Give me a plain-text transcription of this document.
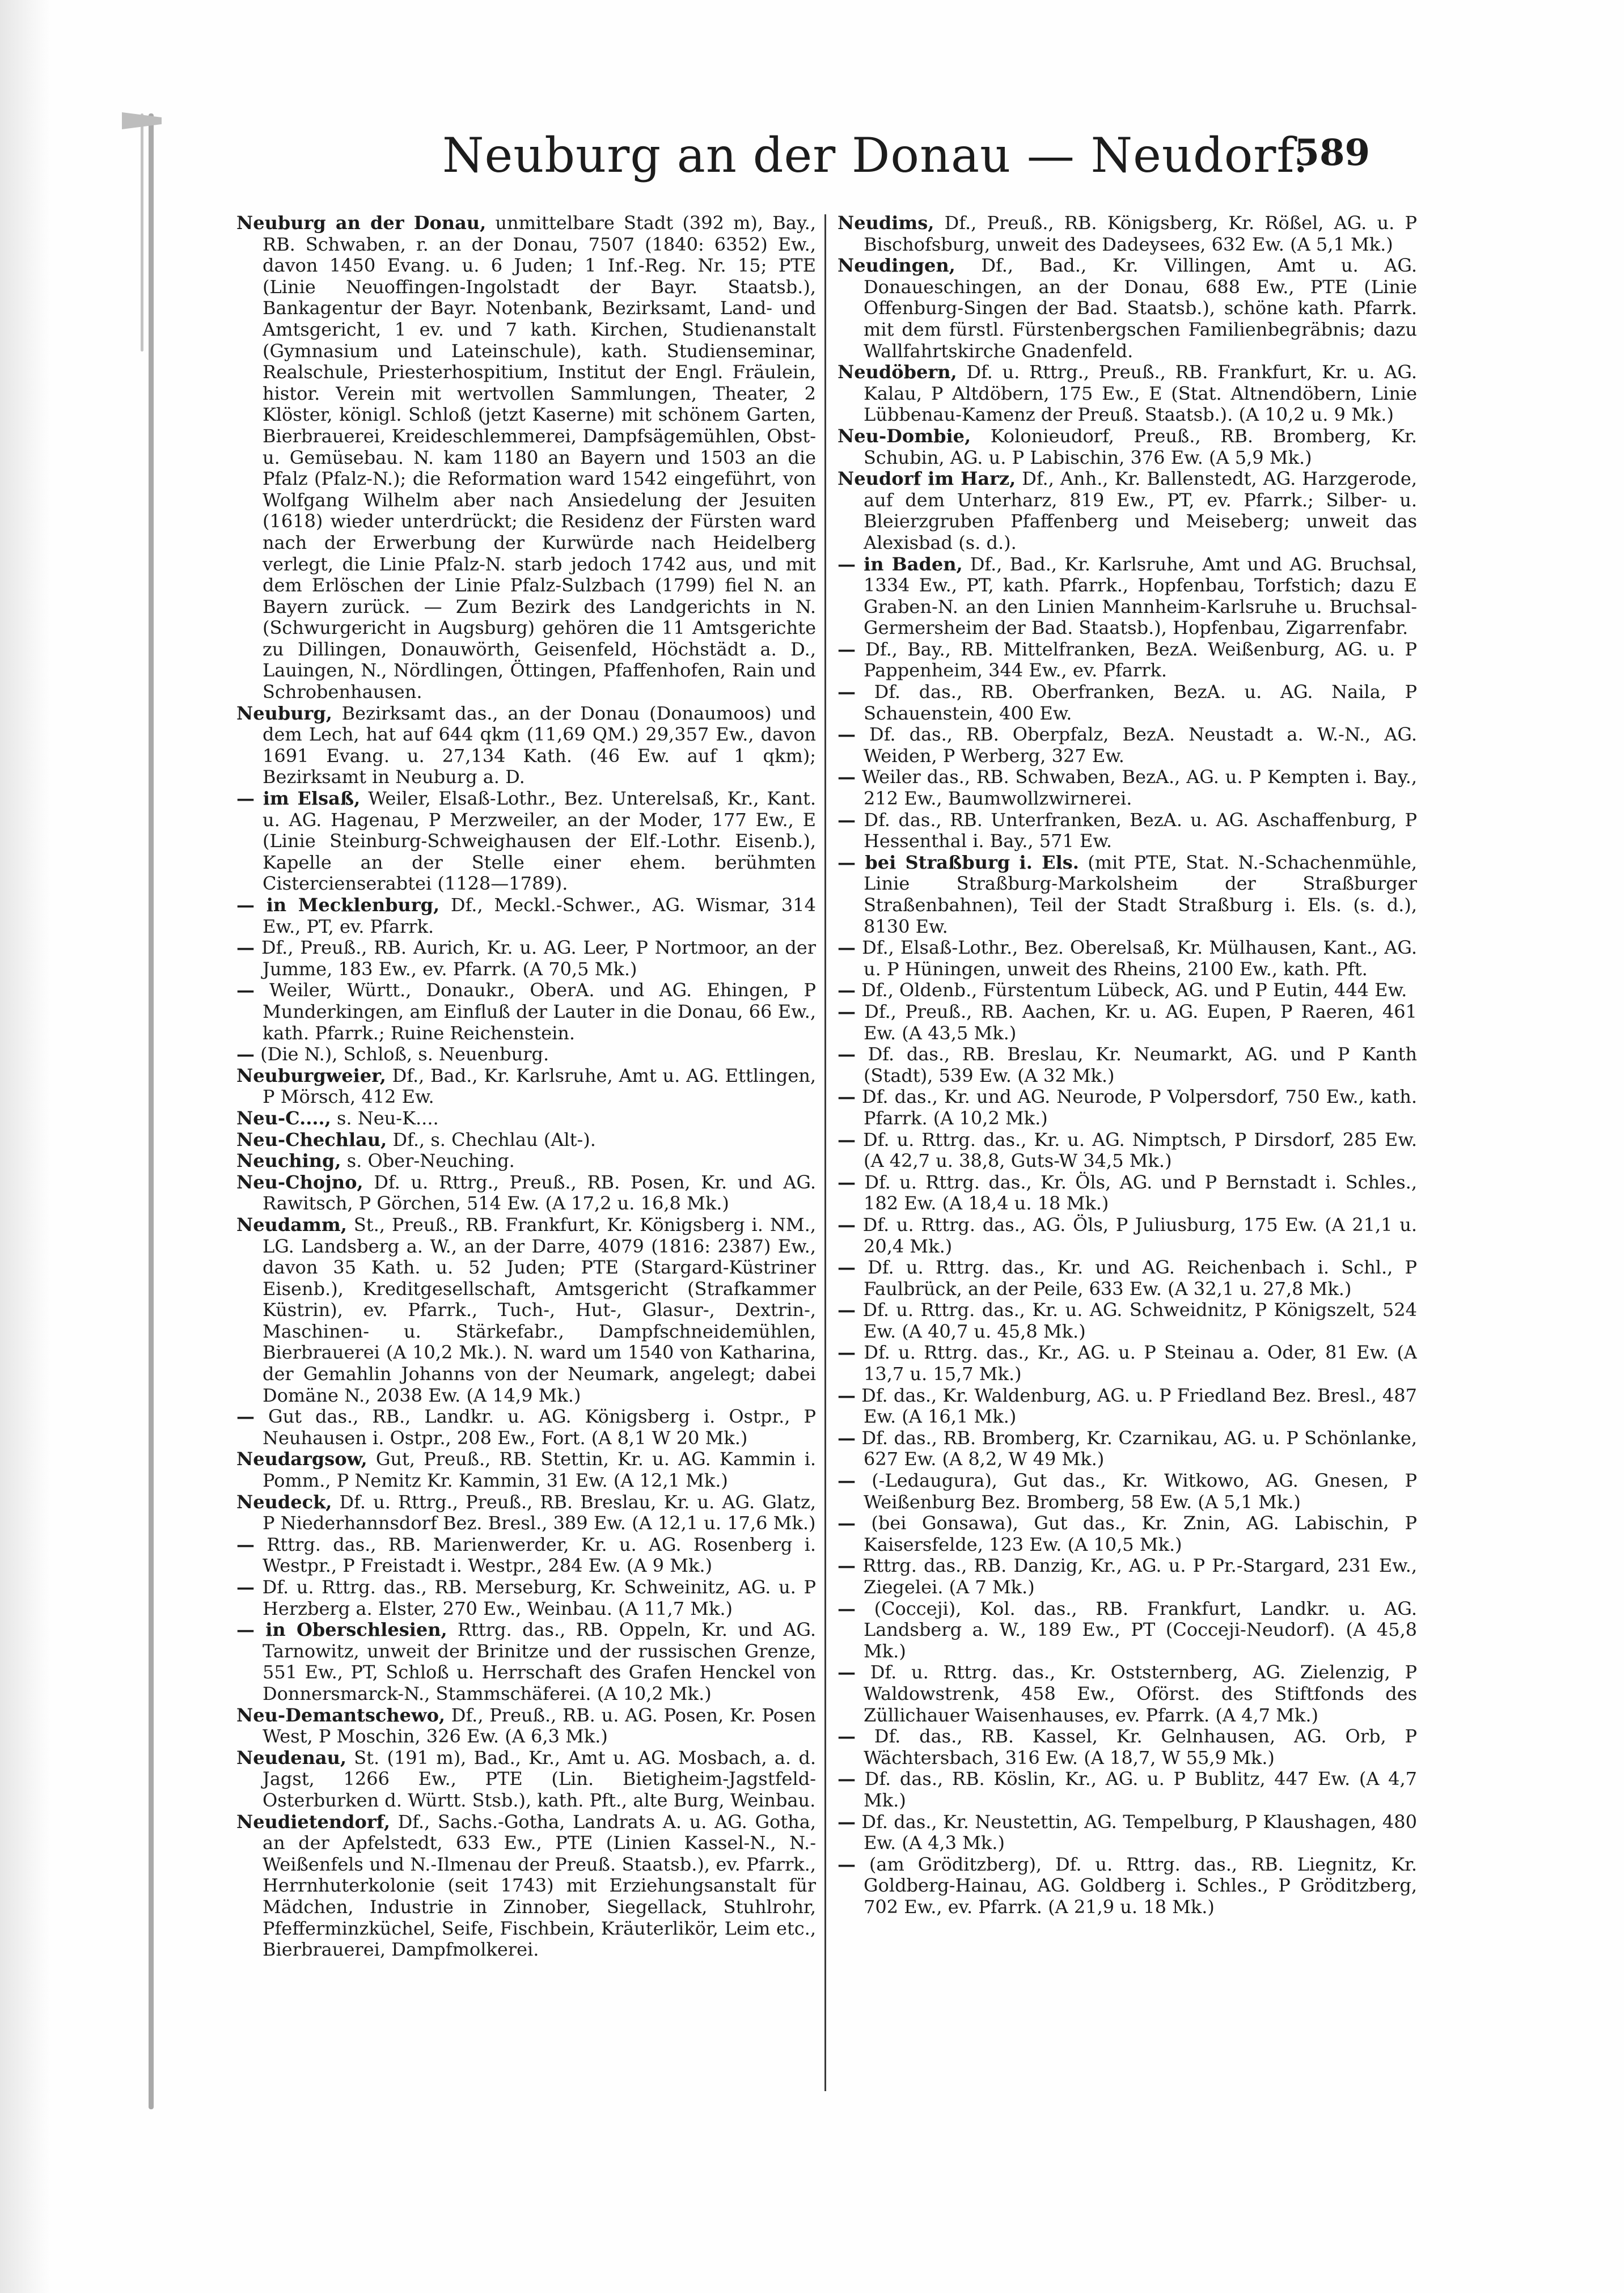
Neuburg an der Donau — Neudorf.
589

Neuburg an der Donau, unmittelbare Stadt (392 m), Bay., RB. Schwaben, r. an der Donau, 7507 (1840: 6352) Ew., davon 1450 Evang. u. 6 Juden; 1 Inf.-Reg. Nr. 15; PTE (Linie Neuoffingen-Ingolstadt der Bayr. Staatsb.), Bankagentur der Bayr. Notenbank, Bezirksamt, Land- und Amtsgericht, 1 ev. und 7 kath. Kirchen, Studienanstalt (Gymnasium und Lateinschule), kath. Studienseminar, Realschule, Priesterhospitium, Institut der Engl. Fräulein, histor. Verein mit wertvollen Sammlungen, Theater, 2 Klöster, königl. Schloß (jetzt Kaserne) mit schönem Garten, Bierbrauerei, Kreideschlemmerei, Dampfsägemühlen, Obst- u. Gemüsebau. N. kam 1180 an Bayern und 1503 an die Pfalz (Pfalz-N.); die Reformation ward 1542 eingeführt, von Wolfgang Wilhelm aber nach Ansiedelung der Jesuiten (1618) wieder unterdrückt; die Residenz der Fürsten ward nach der Erwerbung der Kurwürde nach Heidelberg verlegt, die Linie Pfalz-N. starb jedoch 1742 aus, und mit dem Erlöschen der Linie Pfalz-Sulzbach (1799) fiel N. an Bayern zurück. — Zum Bezirk des Landgerichts in N. (Schwurgericht in Augsburg) gehören die 11 Amtsgerichte zu Dillingen, Donauwörth, Geisenfeld, Höchstädt a. D., Lauingen, N., Nördlingen, Öttingen, Pfaffenhofen, Rain und Schrobenhausen.

Neuburg, Bezirksamt das., an der Donau (Donaumoos) und dem Lech, hat auf 644 qkm (11,69 QM.) 29,357 Ew., davon 1691 Evang. u. 27,134 Kath. (46 Ew. auf 1 qkm); Bezirksamt in Neuburg a. D.

— im Elsaß, Weiler, Elsaß-Lothr., Bez. Unterelsaß, Kr., Kant. u. AG. Hagenau, P Merzweiler, an der Moder, 177 Ew., E (Linie Steinburg-Schweighausen der Elf.-Lothr. Eisenb.), Kapelle an der Stelle einer ehem. berühmten Cistercienserabtei (1128—1789).

— in Mecklenburg, Df., Meckl.-Schwer., AG. Wismar, 314 Ew., PT, ev. Pfarrk.

— Df., Preuß., RB. Aurich, Kr. u. AG. Leer, P Nortmoor, an der Jumme, 183 Ew., ev. Pfarrk. (A 70,5 Mk.)

— Weiler, Württ., Donaukr., OberA. und AG. Ehingen, P Munderkingen, am Einfluß der Lauter in die Donau, 66 Ew., kath. Pfarrk.; Ruine Reichenstein.

— (Die N.), Schloß, s. Neuenburg.

Neuburgweier, Df., Bad., Kr. Karlsruhe, Amt u. AG. Ettlingen, P Mörsch, 412 Ew.

Neu-C...., s. Neu-K....

Neu-Chechlau, Df., s. Chechlau (Alt-).

Neuching, s. Ober-Neuching.

Neu-Chojno, Df. u. Rttrg., Preuß., RB. Posen, Kr. und AG. Rawitsch, P Görchen, 514 Ew. (A 17,2 u. 16,8 Mk.)

Neudamm, St., Preuß., RB. Frankfurt, Kr. Königsberg i. NM., LG. Landsberg a. W., an der Darre, 4079 (1816: 2387) Ew., davon 35 Kath. u. 52 Juden; PTE (Stargard-Küstriner Eisenb.), Kreditgesellschaft, Amtsgericht (Strafkammer Küstrin), ev. Pfarrk., Tuch-, Hut-, Glasur-, Dextrin-, Maschinen- u. Stärkefabr., Dampfschneidemühlen, Bierbrauerei (A 10,2 Mk.). N. ward um 1540 von Katharina, der Gemahlin Johanns von der Neumark, angelegt; dabei Domäne N., 2038 Ew. (A 14,9 Mk.)

— Gut das., RB., Landkr. u. AG. Königsberg i. Ostpr., P Neuhausen i. Ostpr., 208 Ew., Fort. (A 8,1 W 20 Mk.)

Neudargsow, Gut, Preuß., RB. Stettin, Kr. u. AG. Kammin i. Pomm., P Nemitz Kr. Kammin, 31 Ew. (A 12,1 Mk.)

Neudeck, Df. u. Rttrg., Preuß., RB. Breslau, Kr. u. AG. Glatz, P Niederhannsdorf Bez. Bresl., 389 Ew. (A 12,1 u. 17,6 Mk.)

— Rttrg. das., RB. Marienwerder, Kr. u. AG. Rosenberg i. Westpr., P Freistadt i. Westpr., 284 Ew. (A 9 Mk.)

— Df. u. Rttrg. das., RB. Merseburg, Kr. Schweinitz, AG. u. P Herzberg a. Elster, 270 Ew., Weinbau. (A 11,7 Mk.)

— in Oberschlesien, Rttrg. das., RB. Oppeln, Kr. und AG. Tarnowitz, unweit der Brinitze und der russischen Grenze, 551 Ew., PT, Schloß u. Herrschaft des Grafen Henckel von Donnersmarck-N., Stammschäferei. (A 10,2 Mk.)

Neu-Demantschewo, Df., Preuß., RB. u. AG. Posen, Kr. Posen West, P Moschin, 326 Ew. (A 6,3 Mk.)

Neudenau, St. (191 m), Bad., Kr., Amt u. AG. Mosbach, a. d. Jagst, 1266 Ew., PTE (Lin. Bietigheim-Jagstfeld-Osterburken d. Württ. Stsb.), kath. Pft., alte Burg, Weinbau.

Neudietendorf, Df., Sachs.-Gotha, Landrats A. u. AG. Gotha, an der Apfelstedt, 633 Ew., PTE (Linien Kassel-N., N.-Weißenfels und N.-Ilmenau der Preuß. Staatsb.), ev. Pfarrk., Herrnhuterkolonie (seit 1743) mit Erziehungsanstalt für Mädchen, Industrie in Zinnober, Siegellack, Stuhlrohr, Pfefferminzküchel, Seife, Fischbein, Kräuterlikör, Leim etc., Bierbrauerei, Dampfmolkerei.

Neudims, Df., Preuß., RB. Königsberg, Kr. Rößel, AG. u. P Bischofsburg, unweit des Dadeysees, 632 Ew. (A 5,1 Mk.)

Neudingen, Df., Bad., Kr. Villingen, Amt u. AG. Donaueschingen, an der Donau, 688 Ew., PTE (Linie Offenburg-Singen der Bad. Staatsb.), schöne kath. Pfarrk. mit dem fürstl. Fürstenbergschen Familienbegräbnis; dazu Wallfahrtskirche Gnadenfeld.

Neudöbern, Df. u. Rttrg., Preuß., RB. Frankfurt, Kr. u. AG. Kalau, P Altdöbern, 175 Ew., E (Stat. Altnendöbern, Linie Lübbenau-Kamenz der Preuß. Staatsb.). (A 10,2 u. 9 Mk.)

Neu-Dombie, Kolonieudorf, Preuß., RB. Bromberg, Kr. Schubin, AG. u. P Labischin, 376 Ew. (A 5,9 Mk.)

Neudorf im Harz, Df., Anh., Kr. Ballenstedt, AG. Harzgerode, auf dem Unterharz, 819 Ew., PT, ev. Pfarrk.; Silber- u. Bleierzgruben Pfaffenberg und Meiseberg; unweit das Alexisbad (s. d.).

— in Baden, Df., Bad., Kr. Karlsruhe, Amt und AG. Bruchsal, 1334 Ew., PT, kath. Pfarrk., Hopfenbau, Torfstich; dazu E Graben-N. an den Linien Mannheim-Karlsruhe u. Bruchsal-Germersheim der Bad. Staatsb.), Hopfenbau, Zigarrenfabr.

— Df., Bay., RB. Mittelfranken, BezA. Weißenburg, AG. u. P Pappenheim, 344 Ew., ev. Pfarrk.

— Df. das., RB. Oberfranken, BezA. u. AG. Naila, P Schauenstein, 400 Ew.

— Df. das., RB. Oberpfalz, BezA. Neustadt a. W.-N., AG. Weiden, P Werberg, 327 Ew.

— Weiler das., RB. Schwaben, BezA., AG. u. P Kempten i. Bay., 212 Ew., Baumwollzwirnerei.

— Df. das., RB. Unterfranken, BezA. u. AG. Aschaffenburg, P Hessenthal i. Bay., 571 Ew.

— bei Straßburg i. Els. (mit PTE, Stat. N.-Schachenmühle, Linie Straßburg-Markolsheim der Straßburger Straßenbahnen), Teil der Stadt Straßburg i. Els. (s. d.), 8130 Ew.

— Df., Elsaß-Lothr., Bez. Oberelsaß, Kr. Mülhausen, Kant., AG. u. P Hüningen, unweit des Rheins, 2100 Ew., kath. Pft.

— Df., Oldenb., Fürstentum Lübeck, AG. und P Eutin, 444 Ew.

— Df., Preuß., RB. Aachen, Kr. u. AG. Eupen, P Raeren, 461 Ew. (A 43,5 Mk.)

— Df. das., RB. Breslau, Kr. Neumarkt, AG. und P Kanth (Stadt), 539 Ew. (A 32 Mk.)

— Df. das., Kr. und AG. Neurode, P Volpersdorf, 750 Ew., kath. Pfarrk. (A 10,2 Mk.)

— Df. u. Rttrg. das., Kr. u. AG. Nimptsch, P Dirsdorf, 285 Ew. (A 42,7 u. 38,8, Guts-W 34,5 Mk.)

— Df. u. Rttrg. das., Kr. Öls, AG. und P Bernstadt i. Schles., 182 Ew. (A 18,4 u. 18 Mk.)

— Df. u. Rttrg. das., AG. Öls, P Juliusburg, 175 Ew. (A 21,1 u. 20,4 Mk.)

— Df. u. Rttrg. das., Kr. und AG. Reichenbach i. Schl., P Faulbrück, an der Peile, 633 Ew. (A 32,1 u. 27,8 Mk.)

— Df. u. Rttrg. das., Kr. u. AG. Schweidnitz, P Königszelt, 524 Ew. (A 40,7 u. 45,8 Mk.)

— Df. u. Rttrg. das., Kr., AG. u. P Steinau a. Oder, 81 Ew. (A 13,7 u. 15,7 Mk.)

— Df. das., Kr. Waldenburg, AG. u. P Friedland Bez. Bresl., 487 Ew. (A 16,1 Mk.)

— Df. das., RB. Bromberg, Kr. Czarnikau, AG. u. P Schönlanke, 627 Ew. (A 8,2, W 49 Mk.)

— (-Ledaugura), Gut das., Kr. Witkowo, AG. Gnesen, P Weißenburg Bez. Bromberg, 58 Ew. (A 5,1 Mk.)

— (bei Gonsawa), Gut das., Kr. Znin, AG. Labischin, P Kaisersfelde, 123 Ew. (A 10,5 Mk.)

— Rttrg. das., RB. Danzig, Kr., AG. u. P Pr.-Stargard, 231 Ew., Ziegelei. (A 7 Mk.)

— (Cocceji), Kol. das., RB. Frankfurt, Landkr. u. AG. Landsberg a. W., 189 Ew., PT (Cocceji-Neudorf). (A 45,8 Mk.)

— Df. u. Rttrg. das., Kr. Oststernberg, AG. Zielenzig, P Waldowstrenk, 458 Ew., Oförst. des Stiftfonds des Züllichauer Waisenhauses, ev. Pfarrk. (A 4,7 Mk.)

— Df. das., RB. Kassel, Kr. Gelnhausen, AG. Orb, P Wächtersbach, 316 Ew. (A 18,7, W 55,9 Mk.)

— Df. das., RB. Köslin, Kr., AG. u. P Bublitz, 447 Ew. (A 4,7 Mk.)

— Df. das., Kr. Neustettin, AG. Tempelburg, P Klaushagen, 480 Ew. (A 4,3 Mk.)

— (am Gröditzberg), Df. u. Rttrg. das., RB. Liegnitz, Kr. Goldberg-Hainau, AG. Goldberg i. Schles., P Gröditzberg, 702 Ew., ev. Pfarrk. (A 21,9 u. 18 Mk.)
